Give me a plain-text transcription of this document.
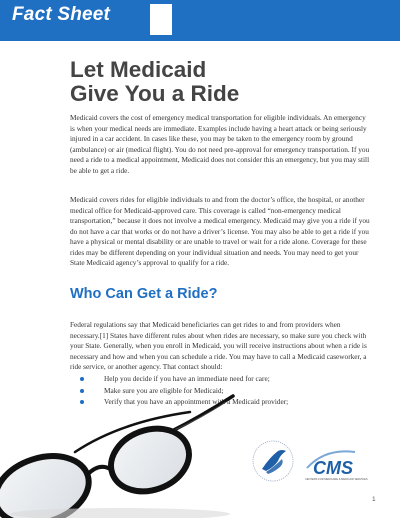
Fact Sheet
Let Medicaid
Give You a Ride

Medicaid covers the cost of emergency medical transportation for eligible individuals. An emergency is when your medical needs are immediate. Examples include having a heart attack or being seriously injured in a car accident. In cases like these, you may be taken to the emergency room by ground (ambulance) or air (medical flight). You do not need pre-approval for emergency transportation. If you need a ride to a medical appointment, Medicaid does not consider this an emergency, but you may still be able to get a ride.

Medicaid covers rides for eligible individuals to and from the doctor’s office, the hospital, or another medical office for Medicaid-approved care. This coverage is called “non-emergency medical transportation,” because it does not involve a medical emergency. Medicaid may give you a ride if you do not have a car that works or do not have a driver’s license. You may also be able to get a ride if you have a physical or mental disability or are unable to travel or wait for a ride alone. Coverage for these rides may be different depending on your individual situation and needs. You may need to get your State Medicaid agency’s approval to qualify for a ride.

Who Can Get a Ride?

Federal regulations say that Medicaid beneficiaries can get rides to and from providers when necessary.[1] States have different rules about when rides are necessary, so make sure you check with your State. Generally, when you enroll in Medicaid, you will receive instructions about when a ride is necessary and how and when you can schedule a ride. You may have to call a Medicaid caseworker, a ride service, or another agency. That contact should:

Help you decide if you have an immediate need for care;
Make sure you are eligible for Medicaid;
Verify that you have an appointment with a Medicaid provider;
CMS
CENTERS FOR MEDICARE & MEDICAID SERVICES
1
